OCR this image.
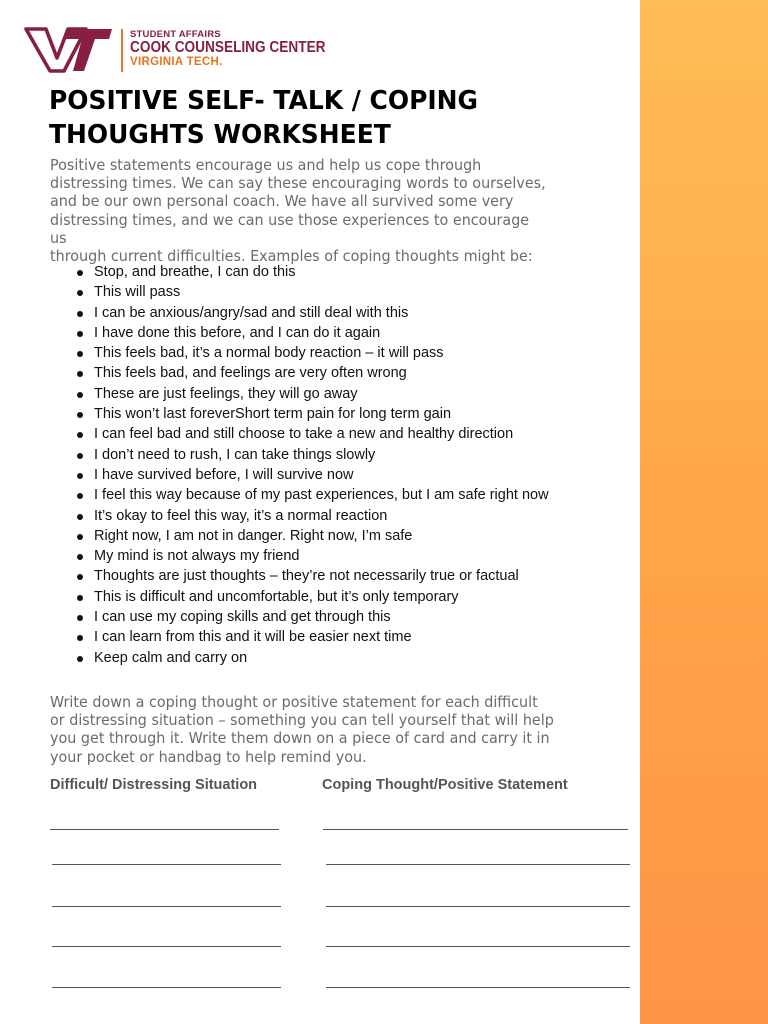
STUDENT AFFAIRS
COOK COUNSELING CENTER
VIRGINIA TECH.
POSITIVE SELF- TALK / COPING
THOUGHTS WORKSHEET

Positive statements encourage us and help us cope through
distressing times. We can say these encouraging words to ourselves,
and be our own personal coach. We have all survived some very
distressing times, and we can use those experiences to encourage us
through current difficulties. Examples of coping thoughts might be:

Stop, and breathe, I can do this
This will pass
I can be anxious/angry/sad and still deal with this
I have done this before, and I can do it again
This feels bad, it’s a normal body reaction – it will pass
This feels bad, and feelings are very often wrong
These are just feelings, they will go away
This won’t last foreverShort term pain for long term gain
I can feel bad and still choose to take a new and healthy direction
I don’t need to rush, I can take things slowly
I have survived before, I will survive now
I feel this way because of my past experiences, but I am safe right now
It’s okay to feel this way, it’s a normal reaction
Right now, I am not in danger. Right now, I’m safe
My mind is not always my friend
Thoughts are just thoughts – they’re not necessarily true or factual
This is difficult and uncomfortable, but it’s only temporary
I can use my coping skills and get through this
I can learn from this and it will be easier next time
Keep calm and carry on

Write down a coping thought or positive statement for each difficult
or distressing situation – something you can tell yourself that will help
you get through it. Write them down on a piece of card and carry it in
your pocket or handbag to help remind you.

Difficult/ Distressing Situation	Coping Thought/Positive Statement
